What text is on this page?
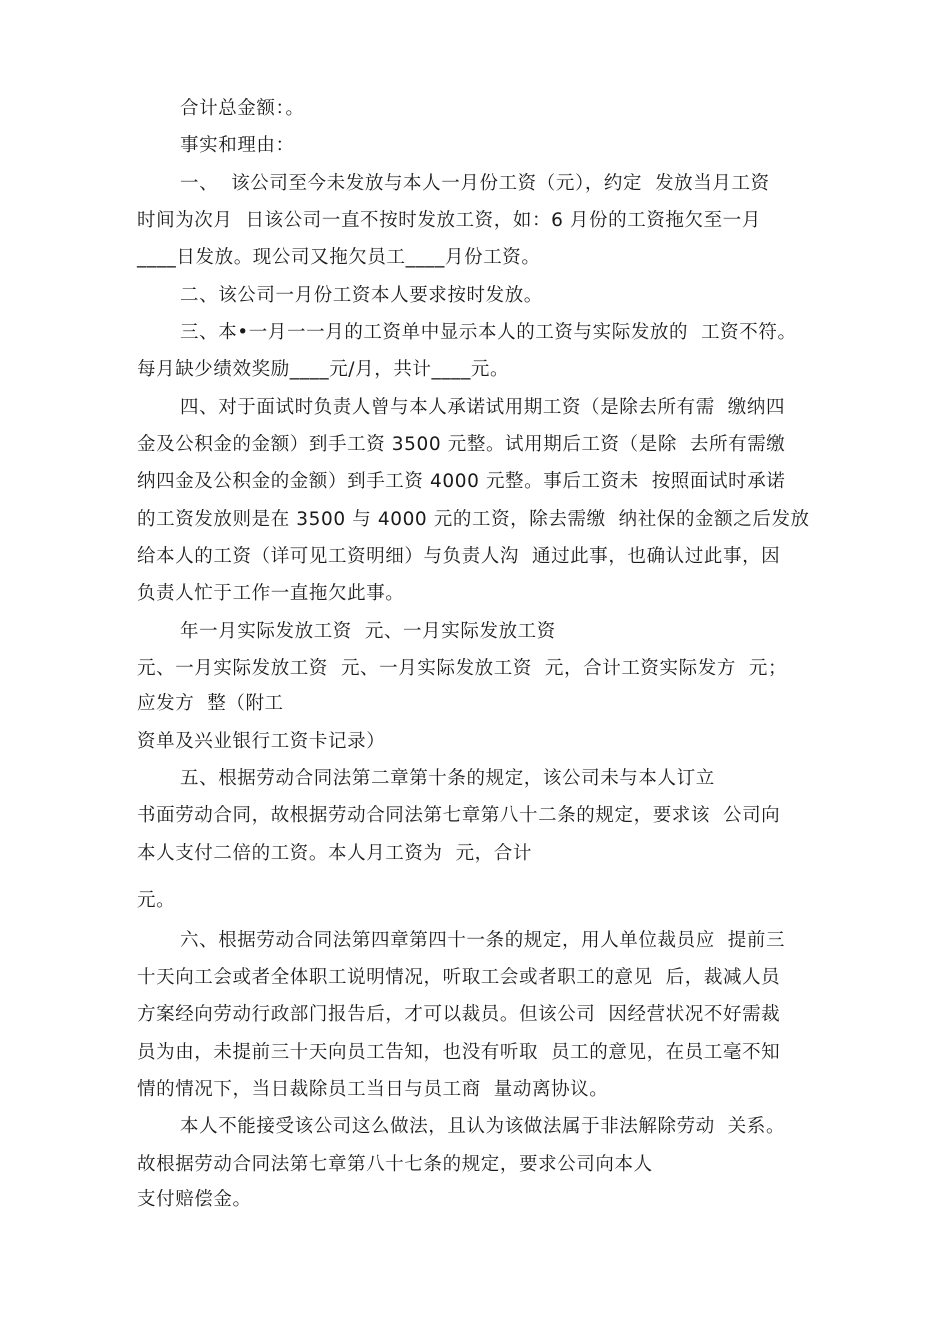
合计总金额：。
事实和理由：
一、  该公司至今未发放与本人一月份工资（元），约定  发放当月工资
时间为次月  日该公司一直不按时发放工资，如：6 月份的工资拖欠至一月
____日发放。现公司又拖欠员工____月份工资。
二、该公司一月份工资本人要求按时发放。
三、本•一月一一月的工资单中显示本人的工资与实际发放的  工资不符。
每月缺少绩效奖励____元/月，共计____元。
四、对于面试时负责人曾与本人承诺试用期工资（是除去所有需  缴纳四
金及公积金的金额）到手工资 3500 元整。试用期后工资（是除  去所有需缴
纳四金及公积金的金额）到手工资 4000 元整。事后工资未  按照面试时承诺
的工资发放则是在 3500 与 4000 元的工资，除去需缴  纳社保的金额之后发放
给本人的工资（详可见工资明细）与负责人沟  通过此事，也确认过此事，因
负责人忙于工作一直拖欠此事。
年一月实际发放工资  元、一月实际发放工资
元、一月实际发放工资  元、一月实际发放工资  元，合计工资实际发方  元；
应发方  整（附工
资单及兴业银行工资卡记录）
五、根据劳动合同法第二章第十条的规定，该公司未与本人订立
书面劳动合同，故根据劳动合同法第七章第八十二条的规定，要求该  公司向
本人支付二倍的工资。本人月工资为  元，合计
元。
六、根据劳动合同法第四章第四十一条的规定，用人单位裁员应  提前三
十天向工会或者全体职工说明情况，听取工会或者职工的意见  后，裁减人员
方案经向劳动行政部门报告后，才可以裁员。但该公司  因经营状况不好需裁
员为由，未提前三十天向员工告知，也没有听取  员工的意见，在员工毫不知
情的情况下，当日裁除员工当日与员工商  量动离协议。
本人不能接受该公司这么做法，且认为该做法属于非法解除劳动  关系。
故根据劳动合同法第七章第八十七条的规定，要求公司向本人
支付赔偿金。
